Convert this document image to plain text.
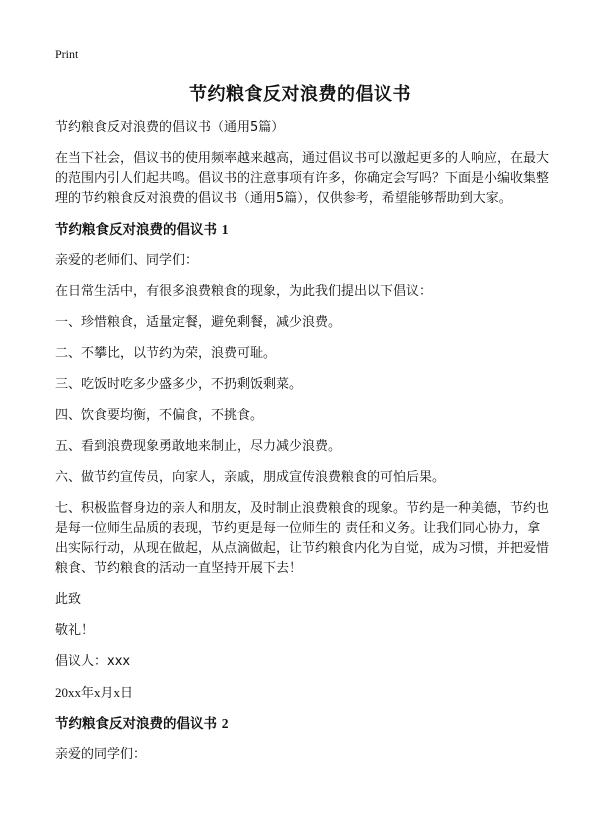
Print
节约粮食反对浪费的倡议书

节约粮食反对浪费的倡议书（通用5篇）

在当下社会，倡议书的使用频率越来越高，通过倡议书可以激起更多的人响应，在最大的范围内引人们起共鸣。倡议书的注意事项有许多，你确定会写吗？下面是小编收集整理的节约粮食反对浪费的倡议书（通用5篇），仅供参考，希望能够帮助到大家。

节约粮食反对浪费的倡议书 1

亲爱的老师们、同学们：

在日常生活中，有很多浪费粮食的现象，为此我们提出以下倡议：

一、珍惜粮食，适量定餐，避免剩餐，减少浪费。

二、不攀比，以节约为荣，浪费可耻。

三、吃饭时吃多少盛多少，不扔剩饭剩菜。

四、饮食要均衡，不偏食，不挑食。

五、看到浪费现象勇敢地来制止，尽力减少浪费。

六、做节约宣传员，向家人，亲戚，朋成宣传浪费粮食的可怕后果。

七、积极监督身边的亲人和朋友，及时制止浪费粮食的现象。节约是一种美德，节约也是每一位师生品质的表现，节约更是每一位师生的 责任和义务。让我们同心协力，拿出实际行动，从现在做起，从点滴做起，让节约粮食内化为自觉，成为习惯，并把爱惜粮食、节约粮食的活动一直坚持开展下去！

此致

敬礼！

倡议人：xxx

20xx年x月x日

节约粮食反对浪费的倡议书 2

亲爱的同学们：
